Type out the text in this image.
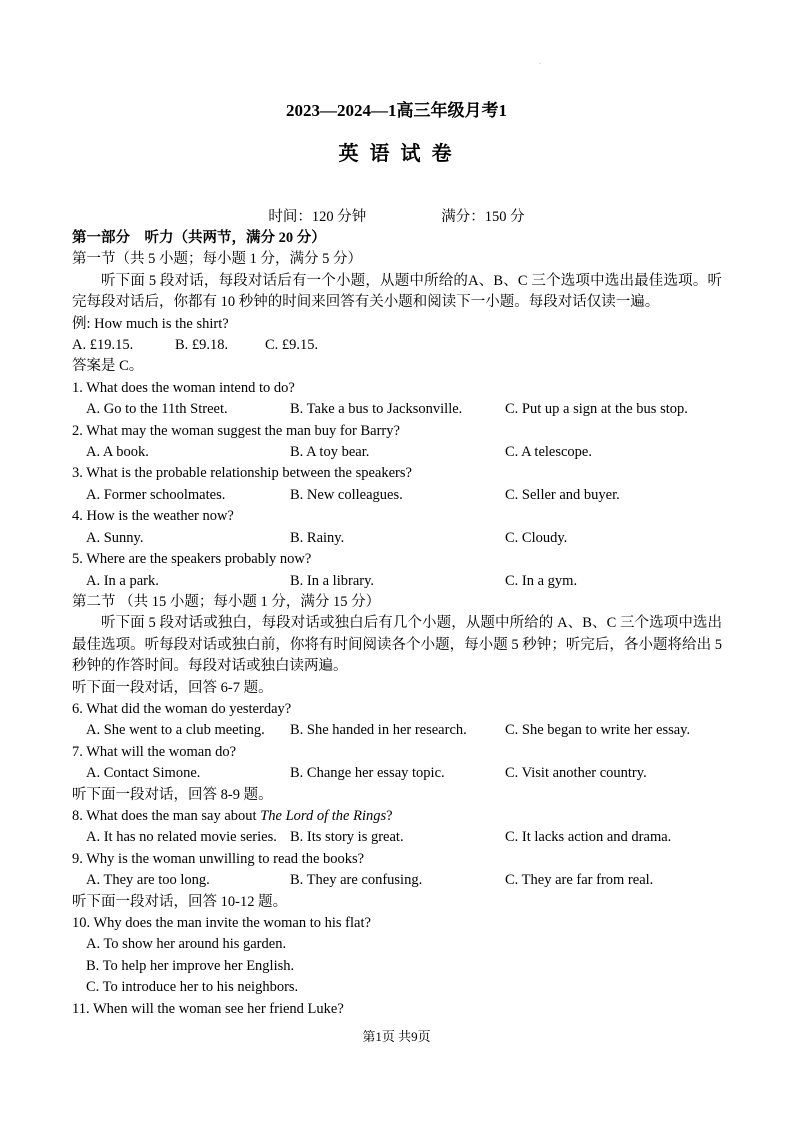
·
2023—2024—1高三年级月考1
英 语 试 卷
时间：120 分钟	满分：150 分

第一部分　听力（共两节，满分 20 分）

第一节（共 5 小题；每小题 1 分，满分 5 分）

听下面 5 段对话，每段对话后有一个小题，从题中所给的A、B、C 三个选项中选出最佳选项。听完每段对话后，你都有 10 秒钟的时间来回答有关小题和阅读下一小题。每段对话仅读一遍。

例: How much is the shirt?

A. £19.15.	B. £9.18.	C. £9.15.

答案是 C。

1. What does the woman intend to do?

A. Go to the 11th Street.	B. Take a bus to Jacksonville.	C. Put up a sign at the bus stop.

2. What may the woman suggest the man buy for Barry?

A. A book.	B. A toy bear.	C. A telescope.

3. What is the probable relationship between the speakers?

A. Former schoolmates.	B. New colleagues.	C. Seller and buyer.

4. How is the weather now?

A. Sunny.	B. Rainy.	C. Cloudy.

5. Where are the speakers probably now?

A. In a park.	B. In a library.	C. In a gym.

第二节 （共 15 小题；每小题 1 分，满分 15 分）

听下面 5 段对话或独白，每段对话或独白后有几个小题，从题中所给的 A、B、C 三个选项中选出最佳选项。听每段对话或独白前，你将有时间阅读各个小题，每小题 5 秒钟；听完后，各小题将给出 5 秒钟的作答时间。每段对话或独白读两遍。

听下面一段对话，回答 6-7 题。

6. What did the woman do yesterday?

A. She went to a club meeting.	B. She handed in her research.	C. She began to write her essay.

7. What will the woman do?

A. Contact Simone.	B. Change her essay topic.	C. Visit another country.

听下面一段对话，回答 8-9 题。

8. What does the man say about The Lord of the Rings?

A. It has no related movie series. B. Its story is great.	C. It lacks action and drama.

9. Why is the woman unwilling to read the books?

A. They are too long.	B. They are confusing.	C. They are far from real.

听下面一段对话，回答 10-12 题。

10. Why does the man invite the woman to his flat?

A. To show her around his garden.

B. To help her improve her English.

C. To introduce her to his neighbors.

11. When will the woman see her friend Luke?

第1页 共9页
